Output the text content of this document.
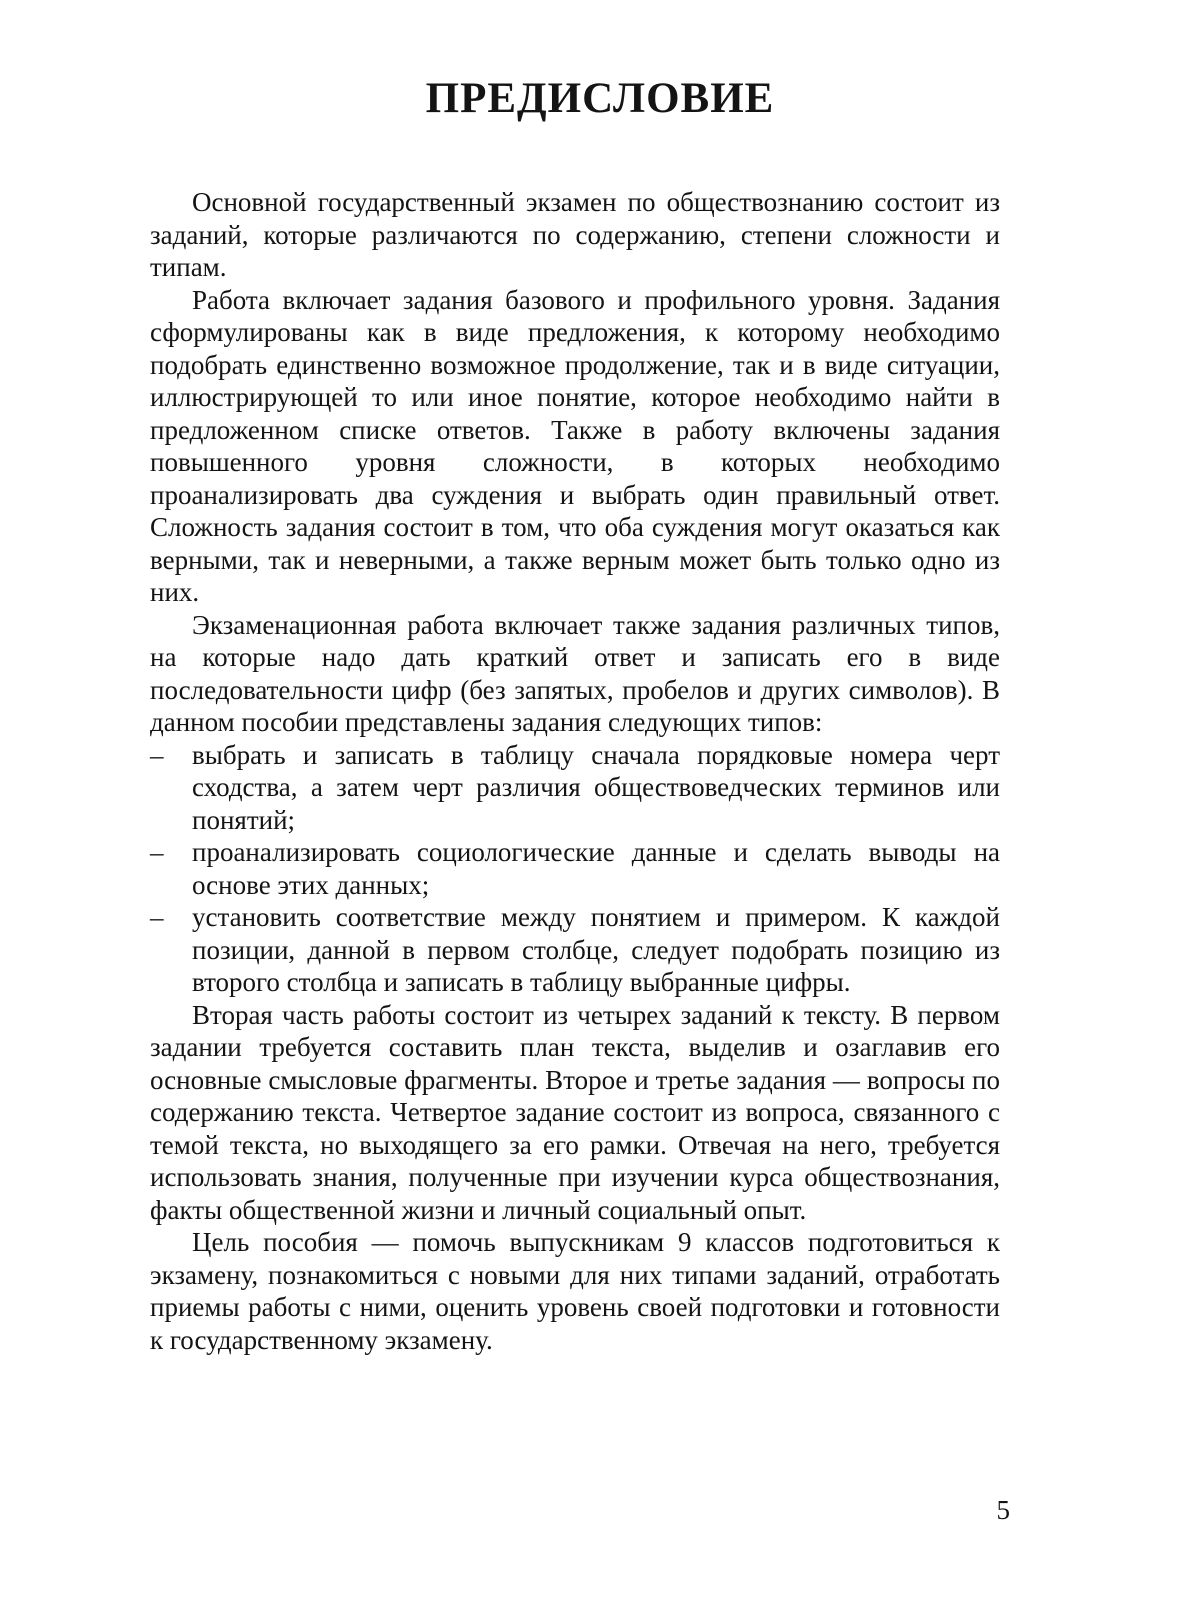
ПРЕДИСЛОВИЕ

Основной государственный экзамен по обществознанию состоит из заданий, которые различаются по содержанию, степени сложности и типам.

Работа включает задания базового и профильного уровня. Задания сформулированы как в виде предложения, к которому необходимо подобрать единственно возможное продолжение, так и в виде ситуации, иллюстрирующей то или иное понятие, которое необходимо найти в предложенном списке ответов. Также в работу включены задания повышенного уровня сложности, в которых необходимо проанализировать два суждения и выбрать один правильный ответ. Сложность задания состоит в том, что оба суждения могут оказаться как верными, так и неверными, а также верным может быть только одно из них.

Экзаменационная работа включает также задания различных типов, на которые надо дать краткий ответ и записать его в виде последовательности цифр (без запятых, пробелов и других символов). В данном пособии представлены задания следующих типов:

– выбрать и записать в таблицу сначала порядковые номера черт сходства, а затем черт различия обществоведческих терминов или понятий;
– проанализировать социологические данные и сделать выводы на основе этих данных;
– установить соответствие между понятием и примером. К каждой позиции, данной в первом столбце, следует подобрать позицию из второго столбца и записать в таблицу выбранные цифры.

Вторая часть работы состоит из четырех заданий к тексту. В первом задании требуется составить план текста, выделив и озаглавив его основные смысловые фрагменты. Второе и третье задания — вопросы по содержанию текста. Четвертое задание состоит из вопроса, связанного с темой текста, но выходящего за его рамки. Отвечая на него, требуется использовать знания, полученные при изучении курса обществознания, факты общественной жизни и личный социальный опыт.

Цель пособия — помочь выпускникам 9 классов подготовиться к экзамену, познакомиться с новыми для них типами заданий, отработать приемы работы с ними, оценить уровень своей подготовки и готовности к государственному экзамену.

5
